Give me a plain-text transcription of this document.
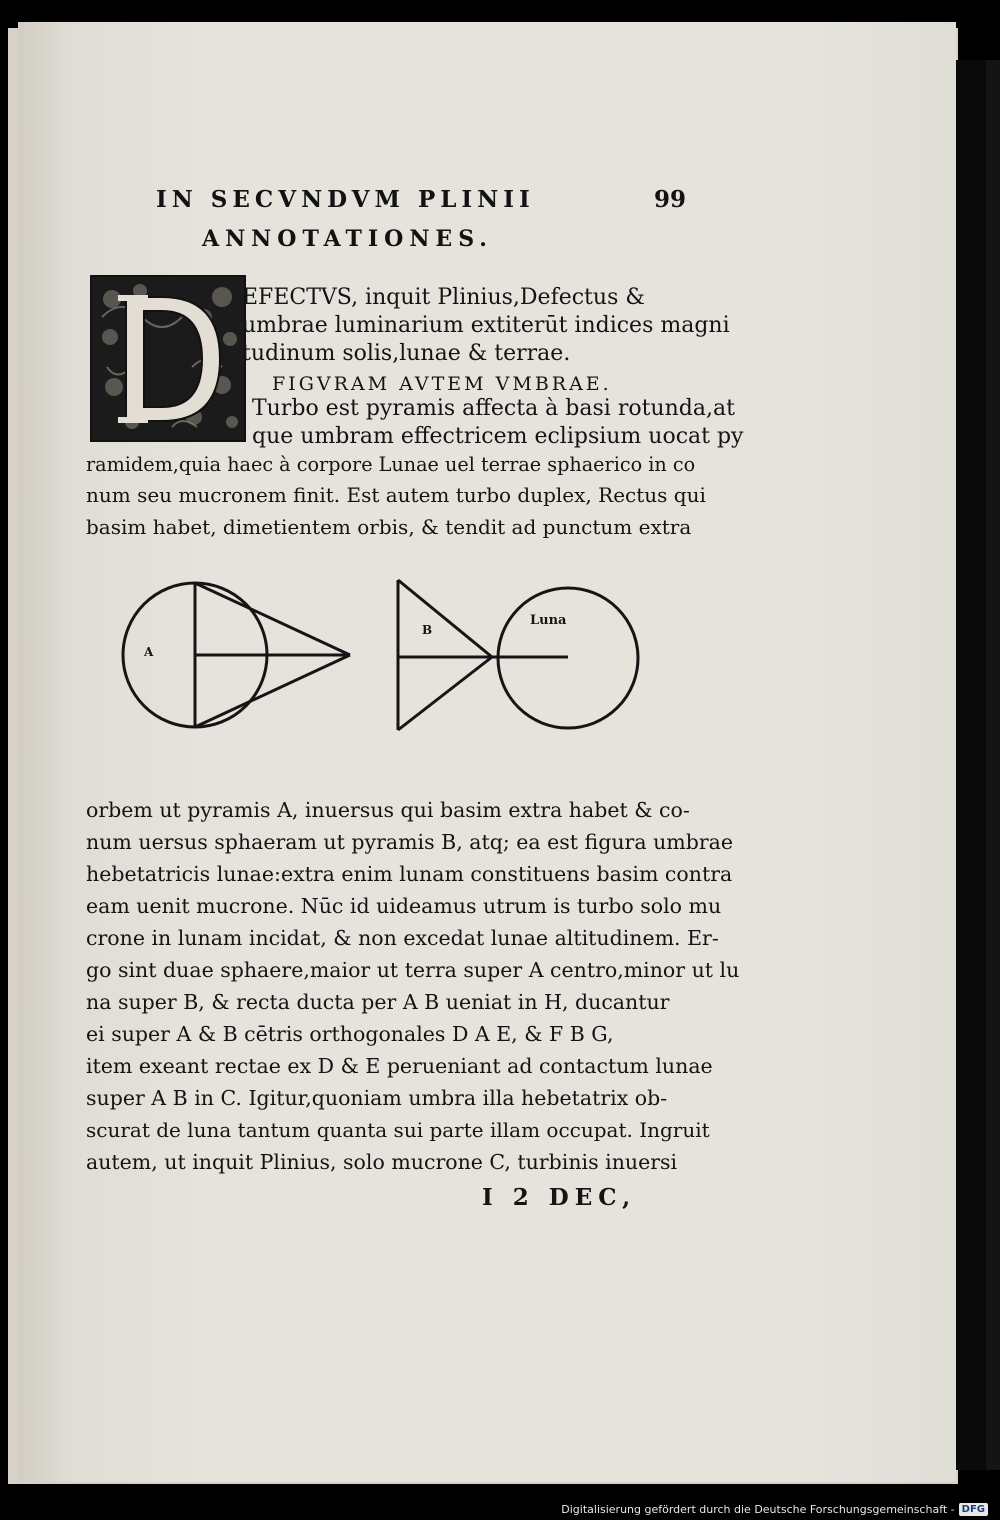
IN SECVNDVM PLINII	99
ANNOTATIONES.
EFECTVS, inquit Plinius,Defectus &
umbrae luminarium extiterūt indices magni
tudinum solis,lunae & terrae.
FIGVRAM AVTEM VMBRAE.
Turbo est pyramis affecta à basi rotunda,at
que umbram effectricem eclipsium uocat py
ramidem,quia haec à corpore Lunae uel terrae sphaerico in co
num seu mucronem finit. Est autem turbo duplex, Rectus qui
basim habet, dimetientem orbis, & tendit ad punctum extra
A
B
Luna
orbem ut pyramis A, inuersus qui basim extra habet & co-
num uersus sphaeram ut pyramis B, atq; ea est figura umbrae
hebetatricis lunae:extra enim lunam constituens basim contra
eam uenit mucrone. Nūc id uideamus utrum is turbo solo mu
crone in lunam incidat, & non excedat lunae altitudinem. Er-
go sint duae sphaere,maior ut terra super A centro,minor ut lu
na super B, & recta ducta per A B ueniat in H, ducantur
ei super A & B cētris orthogonales D A E, & F B G,
item exeant rectae ex D & E perueniant ad contactum lunae
super A B in C. Igitur,quoniam umbra illa hebetatrix ob-
scurat de luna tantum quanta sui parte illam occupat. Ingruit
autem, ut inquit Plinius, solo mucrone C, turbinis inuersi
I 2 DEC,
Digitalisierung gefördert durch die Deutsche Forschungsgemeinschaft - DFG
